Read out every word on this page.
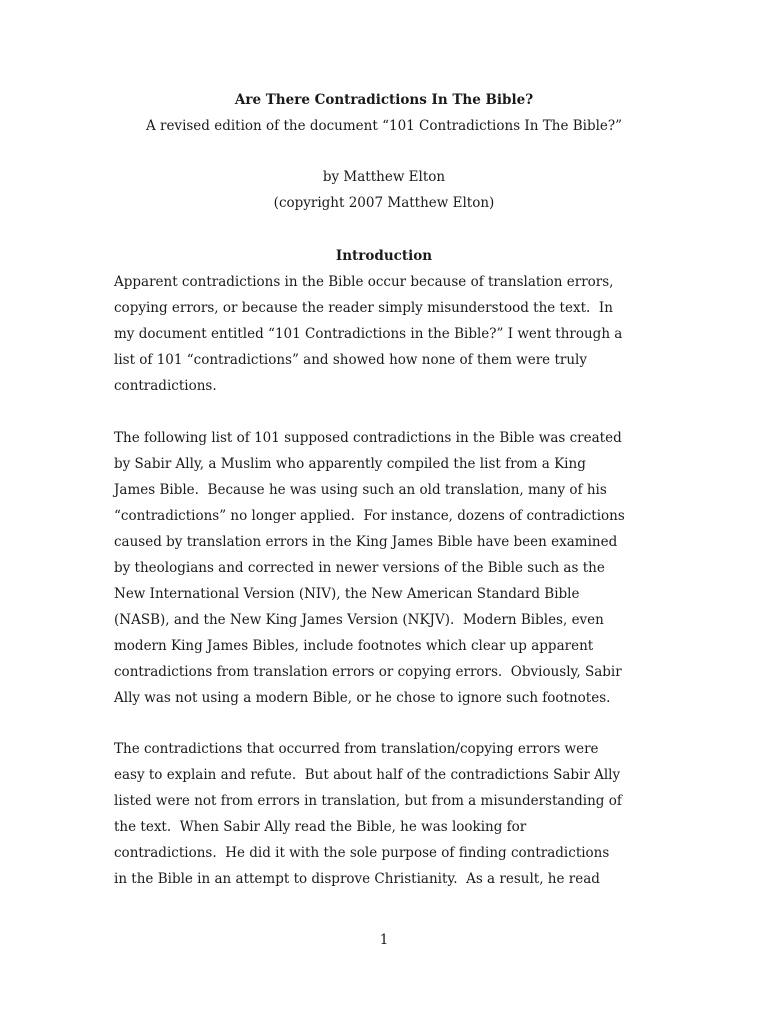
Are There Contradictions In The Bible?
A revised edition of the document “101 Contradictions In The Bible?”
by Matthew Elton
(copyright 2007 Matthew Elton)
Introduction
Apparent contradictions in the Bible occur because of translation errors,
copying errors, or because the reader simply misunderstood the text.  In
my document entitled “101 Contradictions in the Bible?” I went through a
list of 101 “contradictions” and showed how none of them were truly
contradictions.
The following list of 101 supposed contradictions in the Bible was created
by Sabir Ally, a Muslim who apparently compiled the list from a King
James Bible.  Because he was using such an old translation, many of his
“contradictions” no longer applied.  For instance, dozens of contradictions
caused by translation errors in the King James Bible have been examined
by theologians and corrected in newer versions of the Bible such as the
New International Version (NIV), the New American Standard Bible
(NASB), and the New King James Version (NKJV).  Modern Bibles, even
modern King James Bibles, include footnotes which clear up apparent
contradictions from translation errors or copying errors.  Obviously, Sabir
Ally was not using a modern Bible, or he chose to ignore such footnotes.
The contradictions that occurred from translation/copying errors were
easy to explain and refute.  But about half of the contradictions Sabir Ally
listed were not from errors in translation, but from a misunderstanding of
the text.  When Sabir Ally read the Bible, he was looking for
contradictions.  He did it with the sole purpose of finding contradictions
in the Bible in an attempt to disprove Christianity.  As a result, he read
1
